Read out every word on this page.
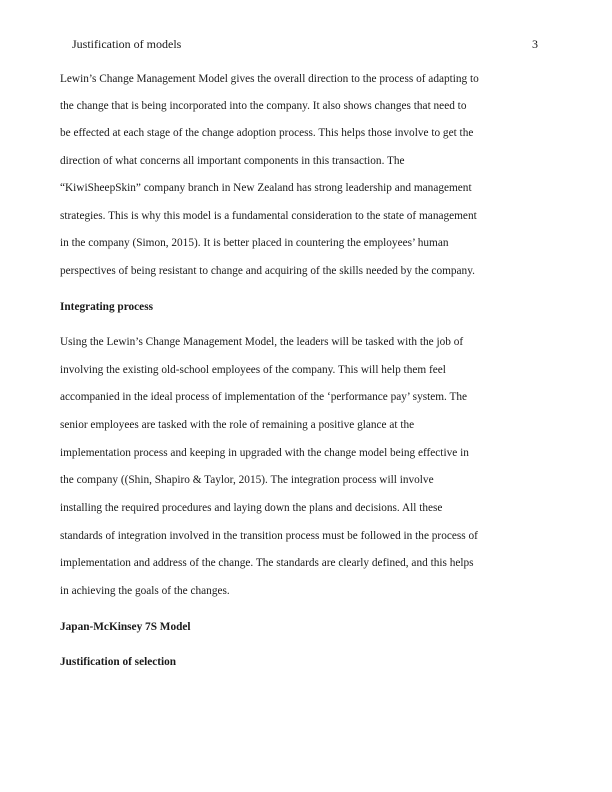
Justification of models	3
Lewin’s Change Management Model gives the overall direction to the process of adapting to
the change that is being incorporated into the company. It also shows changes that need to
be effected at each stage of the change adoption process. This helps those involve to get the
direction of what concerns all important components in this transaction. The
“KiwiSheepSkin” company branch in New Zealand has strong leadership and management
strategies. This is why this model is a fundamental consideration to the state of management
in the company (Simon, 2015). It is better placed in countering the employees’ human
perspectives of being resistant to change and acquiring of the skills needed by the company.
Integrating process
Using the Lewin’s Change Management Model, the leaders will be tasked with the job of
involving the existing old-school employees of the company. This will help them feel
accompanied in the ideal process of implementation of the ‘performance pay’ system. The
senior employees are tasked with the role of remaining a positive glance at the
implementation process and keeping in upgraded with the change model being effective in
the company ((Shin, Shapiro & Taylor, 2015). The integration process will involve
installing the required procedures and laying down the plans and decisions. All these
standards of integration involved in the transition process must be followed in the process of
implementation and address of the change. The standards are clearly defined, and this helps
in achieving the goals of the changes.
Japan-McKinsey 7S Model
Justification of selection
